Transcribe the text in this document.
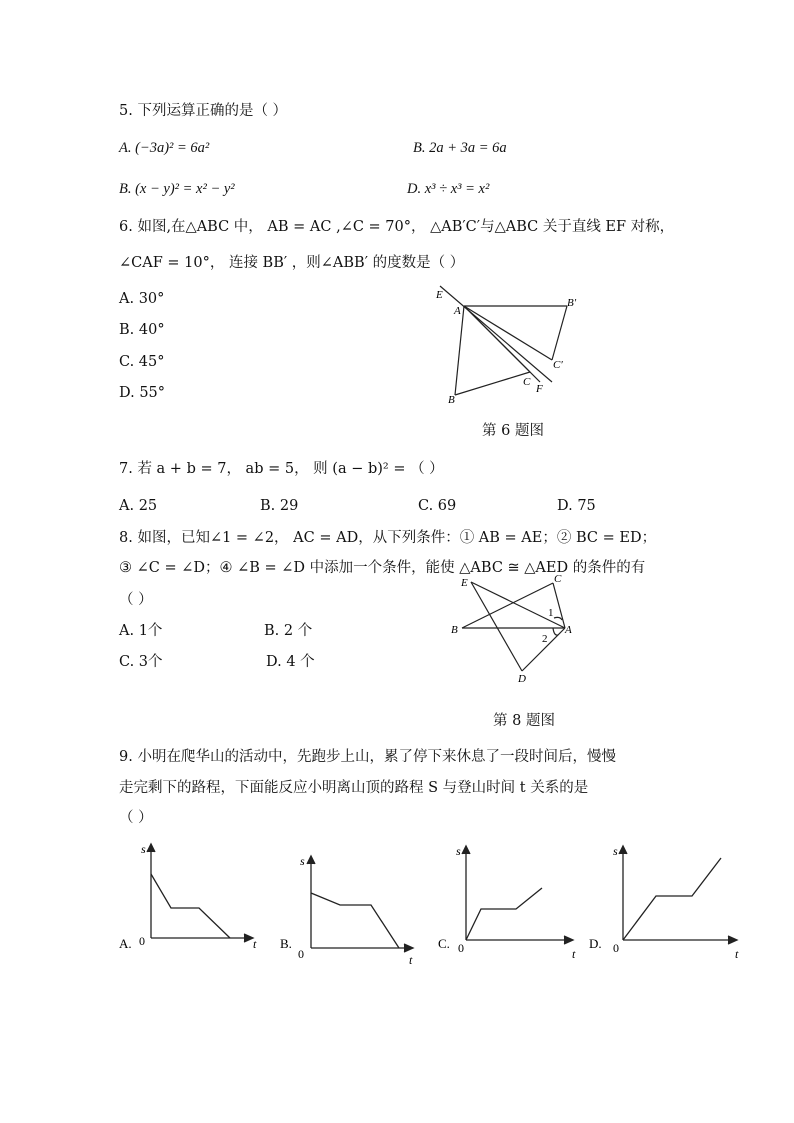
5. 下列运算正确的是（ ）
A. (−3a)² = 6a²	B. 2a + 3a = 6a
B. (x − y)² = x² − y²	D. x³ ÷ x³ = x²
6. 如图,在△ABC 中， AB = AC ,∠C = 70°， △AB′C′与△ABC 关于直线 EF 对称，
∠CAF = 10°， 连接 BB′ ，则∠ABB′ 的度数是（ ）
A. 30°
B. 40°
C. 45°
D. 55°
E
A
B′
C′
C
F
B
第 6 题图
7. 若 a + b = 7， ab = 5， 则 (a − b)² = （ ）
A. 25	B. 29	C. 69	D. 75
8. 如图，已知∠1 = ∠2， AC = AD，从下列条件：① AB = AE；② BC = ED；
③ ∠C = ∠D；④ ∠B = ∠D 中添加一个条件，能使 △ABC ≅ △AED 的条件的有
（ ）
A. 1个	B. 2 个
C. 3个	D. 4 个
E	C
1
B
2
A
D
第 8 题图
9. 小明在爬华山的活动中，先跑步上山，累了停下来休息了一段时间后，慢慢
走完剩下的路程，下面能反应小明离山顶的路程 S 与登山时间 t 关系的是
（ ）
A.
s
t
0	B.
s
t
0
C.
s
t
0	D.
s
t
0
